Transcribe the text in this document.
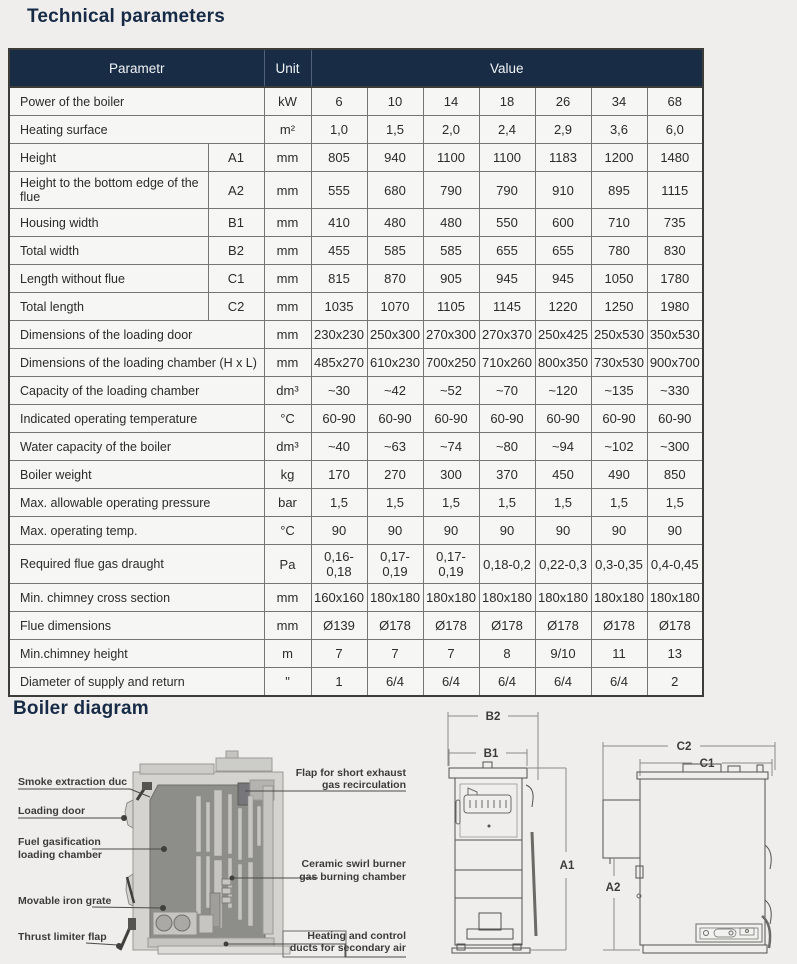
Technical parameters
Parametr		Unit	Value						
Power of the boiler		kW	6	10	14	18	26	34	68
Heating surface		m²	1,0	1,5	2,0	2,4	2,9	3,6	6,0
Height	A1	mm	805	940	1100	1100	1183	1200	1480
Height to the bottom edge of the flue	A2	mm	555	680	790	790	910	895	1115
Housing width	B1	mm	410	480	480	550	600	710	735
Total width	B2	mm	455	585	585	655	655	780	830
Length without flue	C1	mm	815	870	905	945	945	1050	1780
Total length	C2	mm	1035	1070	1105	1145	1220	1250	1980
Dimensions of the loading door		mm	230x230	250x300	270x300	270x370	250x425	250x530	350x530
Dimensions of the loading chamber (H x L)		mm	485x270	610x230	700x250	710x260	800x350	730x530	900x700
Capacity of the loading chamber		dm³	~30	~42	~52	~70	~120	~135	~330
Indicated operating temperature		°C	60-90	60-90	60-90	60-90	60-90	60-90	60-90
Water capacity of the boiler		dm³	~40	~63	~74	~80	~94	~102	~300
Boiler weight		kg	170	270	300	370	450	490	850
Max. allowable operating pressure		bar	1,5	1,5	1,5	1,5	1,5	1,5	1,5
Max. operating temp.		°C	90	90	90	90	90	90	90
Required flue gas draught		Pa	0,16-0,18	0,17-0,19	0,17-0,19	0,18-0,2	0,22-0,3	0,3-0,35	0,4-0,45
Min. chimney cross section		mm	160x160	180x180	180x180	180x180	180x180	180x180	180x180
Flue dimensions		mm	Ø139	Ø178	Ø178	Ø178	Ø178	Ø178	Ø178
Min.chimney height		m	7	7	7	8	9/10	11	13
Diameter of supply and return		"	1	6/4	6/4	6/4	6/4	6/4	2
Boiler diagram
Smoke extraction duc
Loading door
Fuel gasification
loading chamber
Movable iron grate
Thrust limiter flap
Flap for short exhaust
gas recirculation
Ceramic swirl burner
gas burning chamber
Heating and control
ducts for secondary air
B2
B1
A1
C2
C1
A2
